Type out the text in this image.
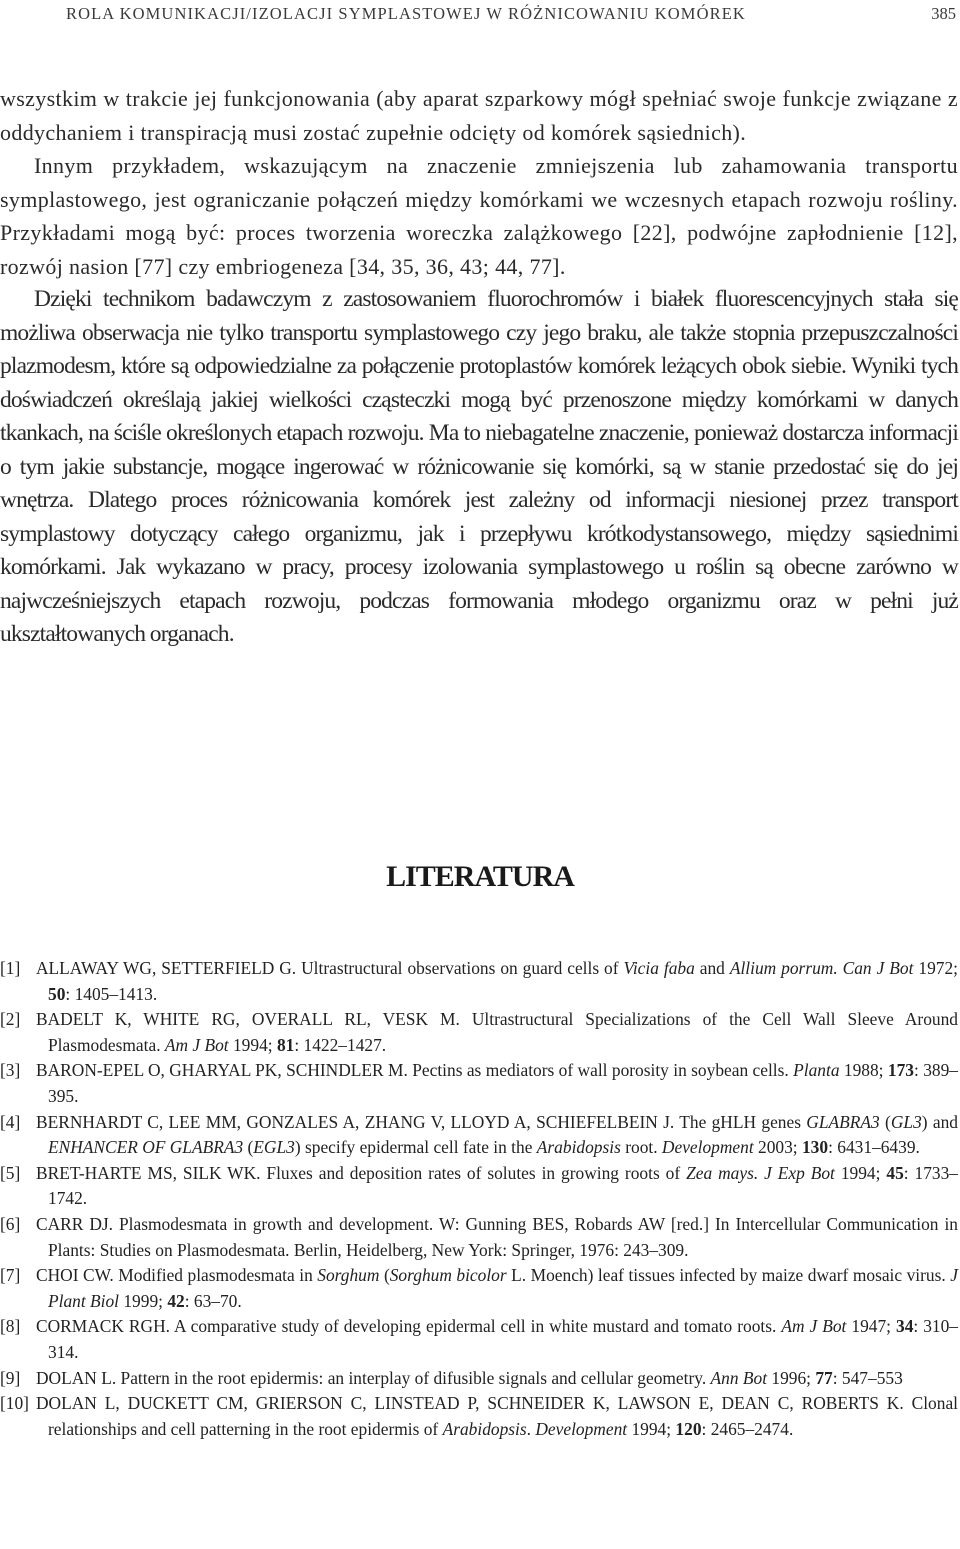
ROLA KOMUNIKACJI/IZOLACJI SYMPLASTOWEJ W RÓŻNICOWANIU KOMÓREK	385

wszystkim w trakcie jej funkcjonowania (aby aparat szparkowy mógł spełniać swoje funkcje związane z oddychaniem i transpiracją musi zostać zupełnie odcięty od komórek sąsiednich).

Innym przykładem, wskazującym na znaczenie zmniejszenia lub zahamowania transportu symplastowego, jest ograniczanie połączeń między komórkami we wczesnych etapach rozwoju rośliny. Przykładami mogą być: proces tworzenia woreczka zalążkowego [22], podwójne zapłodnienie [12], rozwój nasion [77] czy embriogeneza [34, 35, 36, 43; 44, 77].

Dzięki technikom badawczym z zastosowaniem fluorochromów i białek fluorescencyjnych stała się możliwa obserwacja nie tylko transportu symplastowego czy jego braku, ale także stopnia przepuszczalności plazmodesm, które są odpowiedzialne za połączenie protoplastów komórek leżących obok siebie. Wyniki tych doświadczeń określają jakiej wielkości cząsteczki mogą być przenoszone między komórkami w danych tkankach, na ściśle określonych etapach rozwoju. Ma to niebagatelne znaczenie, ponieważ dostarcza informacji o tym jakie substancje, mogące ingerować w różnicowanie się komórki, są w stanie przedostać się do jej wnętrza. Dlatego proces różnicowania komórek jest zależny od informacji niesionej przez transport symplastowy dotyczący całego organizmu, jak i przepływu krótkodystansowego, między sąsiednimi komórkami. Jak wykazano w pracy, procesy izolowania symplastowego u roślin są obecne zarówno w najwcześniejszych etapach rozwoju, podczas formowania młodego organizmu oraz w pełni już ukształtowanych organach.

LITERATURA

[1] ALLAWAY WG, SETTERFIELD G. Ultrastructural observations on guard cells of Vicia faba and Allium porrum. Can J Bot 1972; 50: 1405–1413.

[2] BADELT K, WHITE RG, OVERALL RL, VESK M. Ultrastructural Specializations of the Cell Wall Sleeve Around Plasmodesmata. Am J Bot 1994; 81: 1422–1427.

[3] BARON-EPEL O, GHARYAL PK, SCHINDLER M. Pectins as mediators of wall porosity in soybean cells. Planta 1988; 173: 389–395.

[4] BERNHARDT C, LEE MM, GONZALES A, ZHANG V, LLOYD A, SCHIEFELBEIN J. The gHLH genes GLABRA3 (GL3) and ENHANCER OF GLABRA3 (EGL3) specify epidermal cell fate in the Arabidopsis root. Development 2003; 130: 6431–6439.

[5] BRET-HARTE MS, SILK WK. Fluxes and deposition rates of solutes in growing roots of Zea mays. J Exp Bot 1994; 45: 1733–1742.

[6] CARR DJ. Plasmodesmata in growth and development. W: Gunning BES, Robards AW [red.] In Intercellular Communication in Plants: Studies on Plasmodesmata. Berlin, Heidelberg, New York: Springer, 1976: 243–309.

[7] CHOI CW. Modified plasmodesmata in Sorghum (Sorghum bicolor L. Moench) leaf tissues infected by maize dwarf mosaic virus. J Plant Biol 1999; 42: 63–70.

[8] CORMACK RGH. A comparative study of developing epidermal cell in white mustard and tomato roots. Am J Bot 1947; 34: 310–314.

[9] DOLAN L. Pattern in the root epidermis: an interplay of difusible signals and cellular geometry. Ann Bot 1996; 77: 547–553

[10] DOLAN L, DUCKETT CM, GRIERSON C, LINSTEAD P, SCHNEIDER K, LAWSON E, DEAN C, ROBERTS K. Clonal relationships and cell patterning in the root epidermis of Arabidopsis. Development 1994; 120: 2465–2474.
